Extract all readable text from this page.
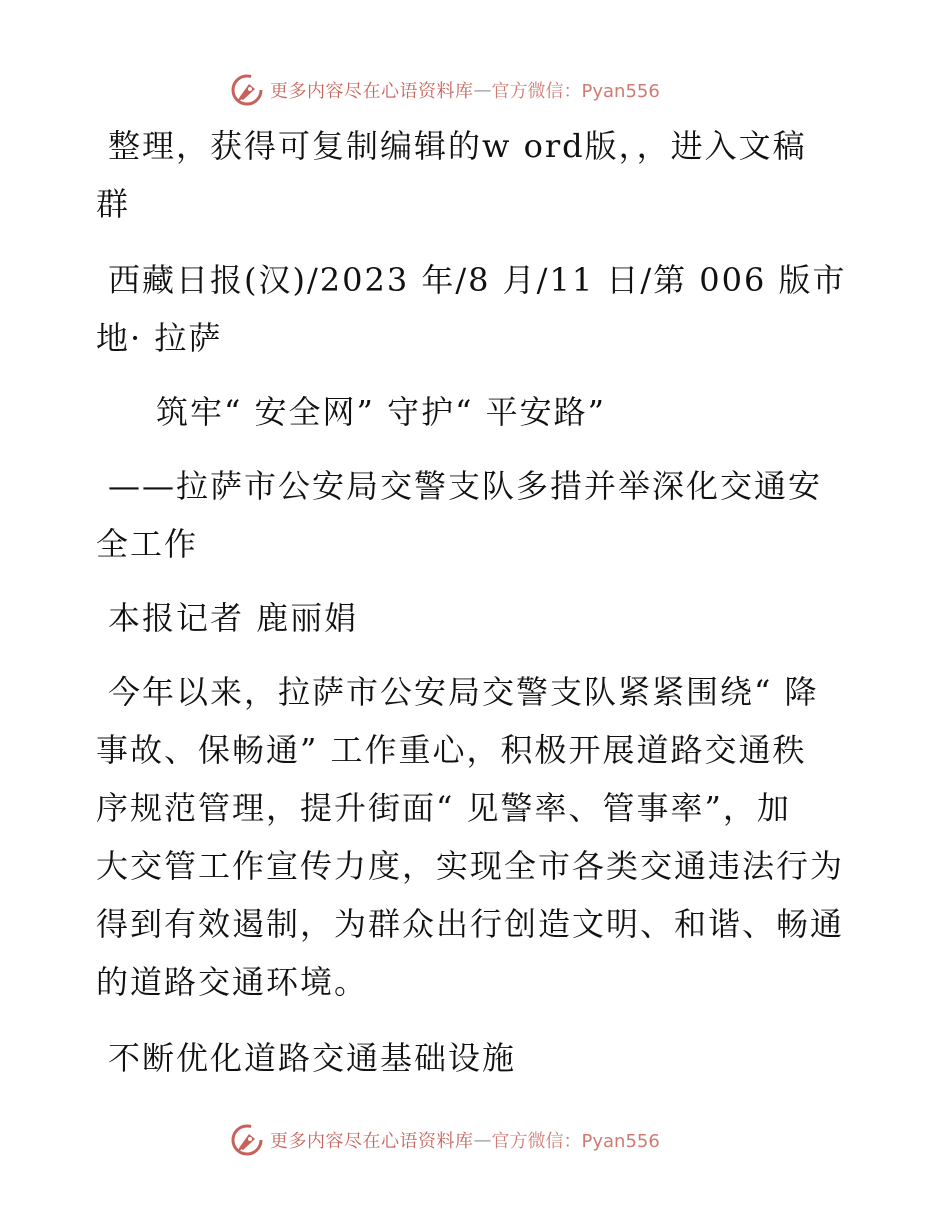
更多内容尽在心语资料库 — 官方微信：Pyan556
整理，获得可复制编辑的w ord版，，进入文稿
群
西藏日报(汉)/2023 年/8 月/11 日/第 006 版市
地· 拉萨
筑牢“ 安全网” 守护“ 平安路”
——拉萨市公安局交警支队多措并举深化交通安
全工作
本报记者 鹿丽娟
今年以来，拉萨市公安局交警支队紧紧围绕“ 降
事故、保畅通” 工作重心，积极开展道路交通秩
序规范管理，提升街面“ 见警率、管事率”，加
大交管工作宣传力度，实现全市各类交通违法行为
得到有效遏制，为群众出行创造文明、和谐、畅通
的道路交通环境。
不断优化道路交通基础设施
更多内容尽在心语资料库 — 官方微信：Pyan556
